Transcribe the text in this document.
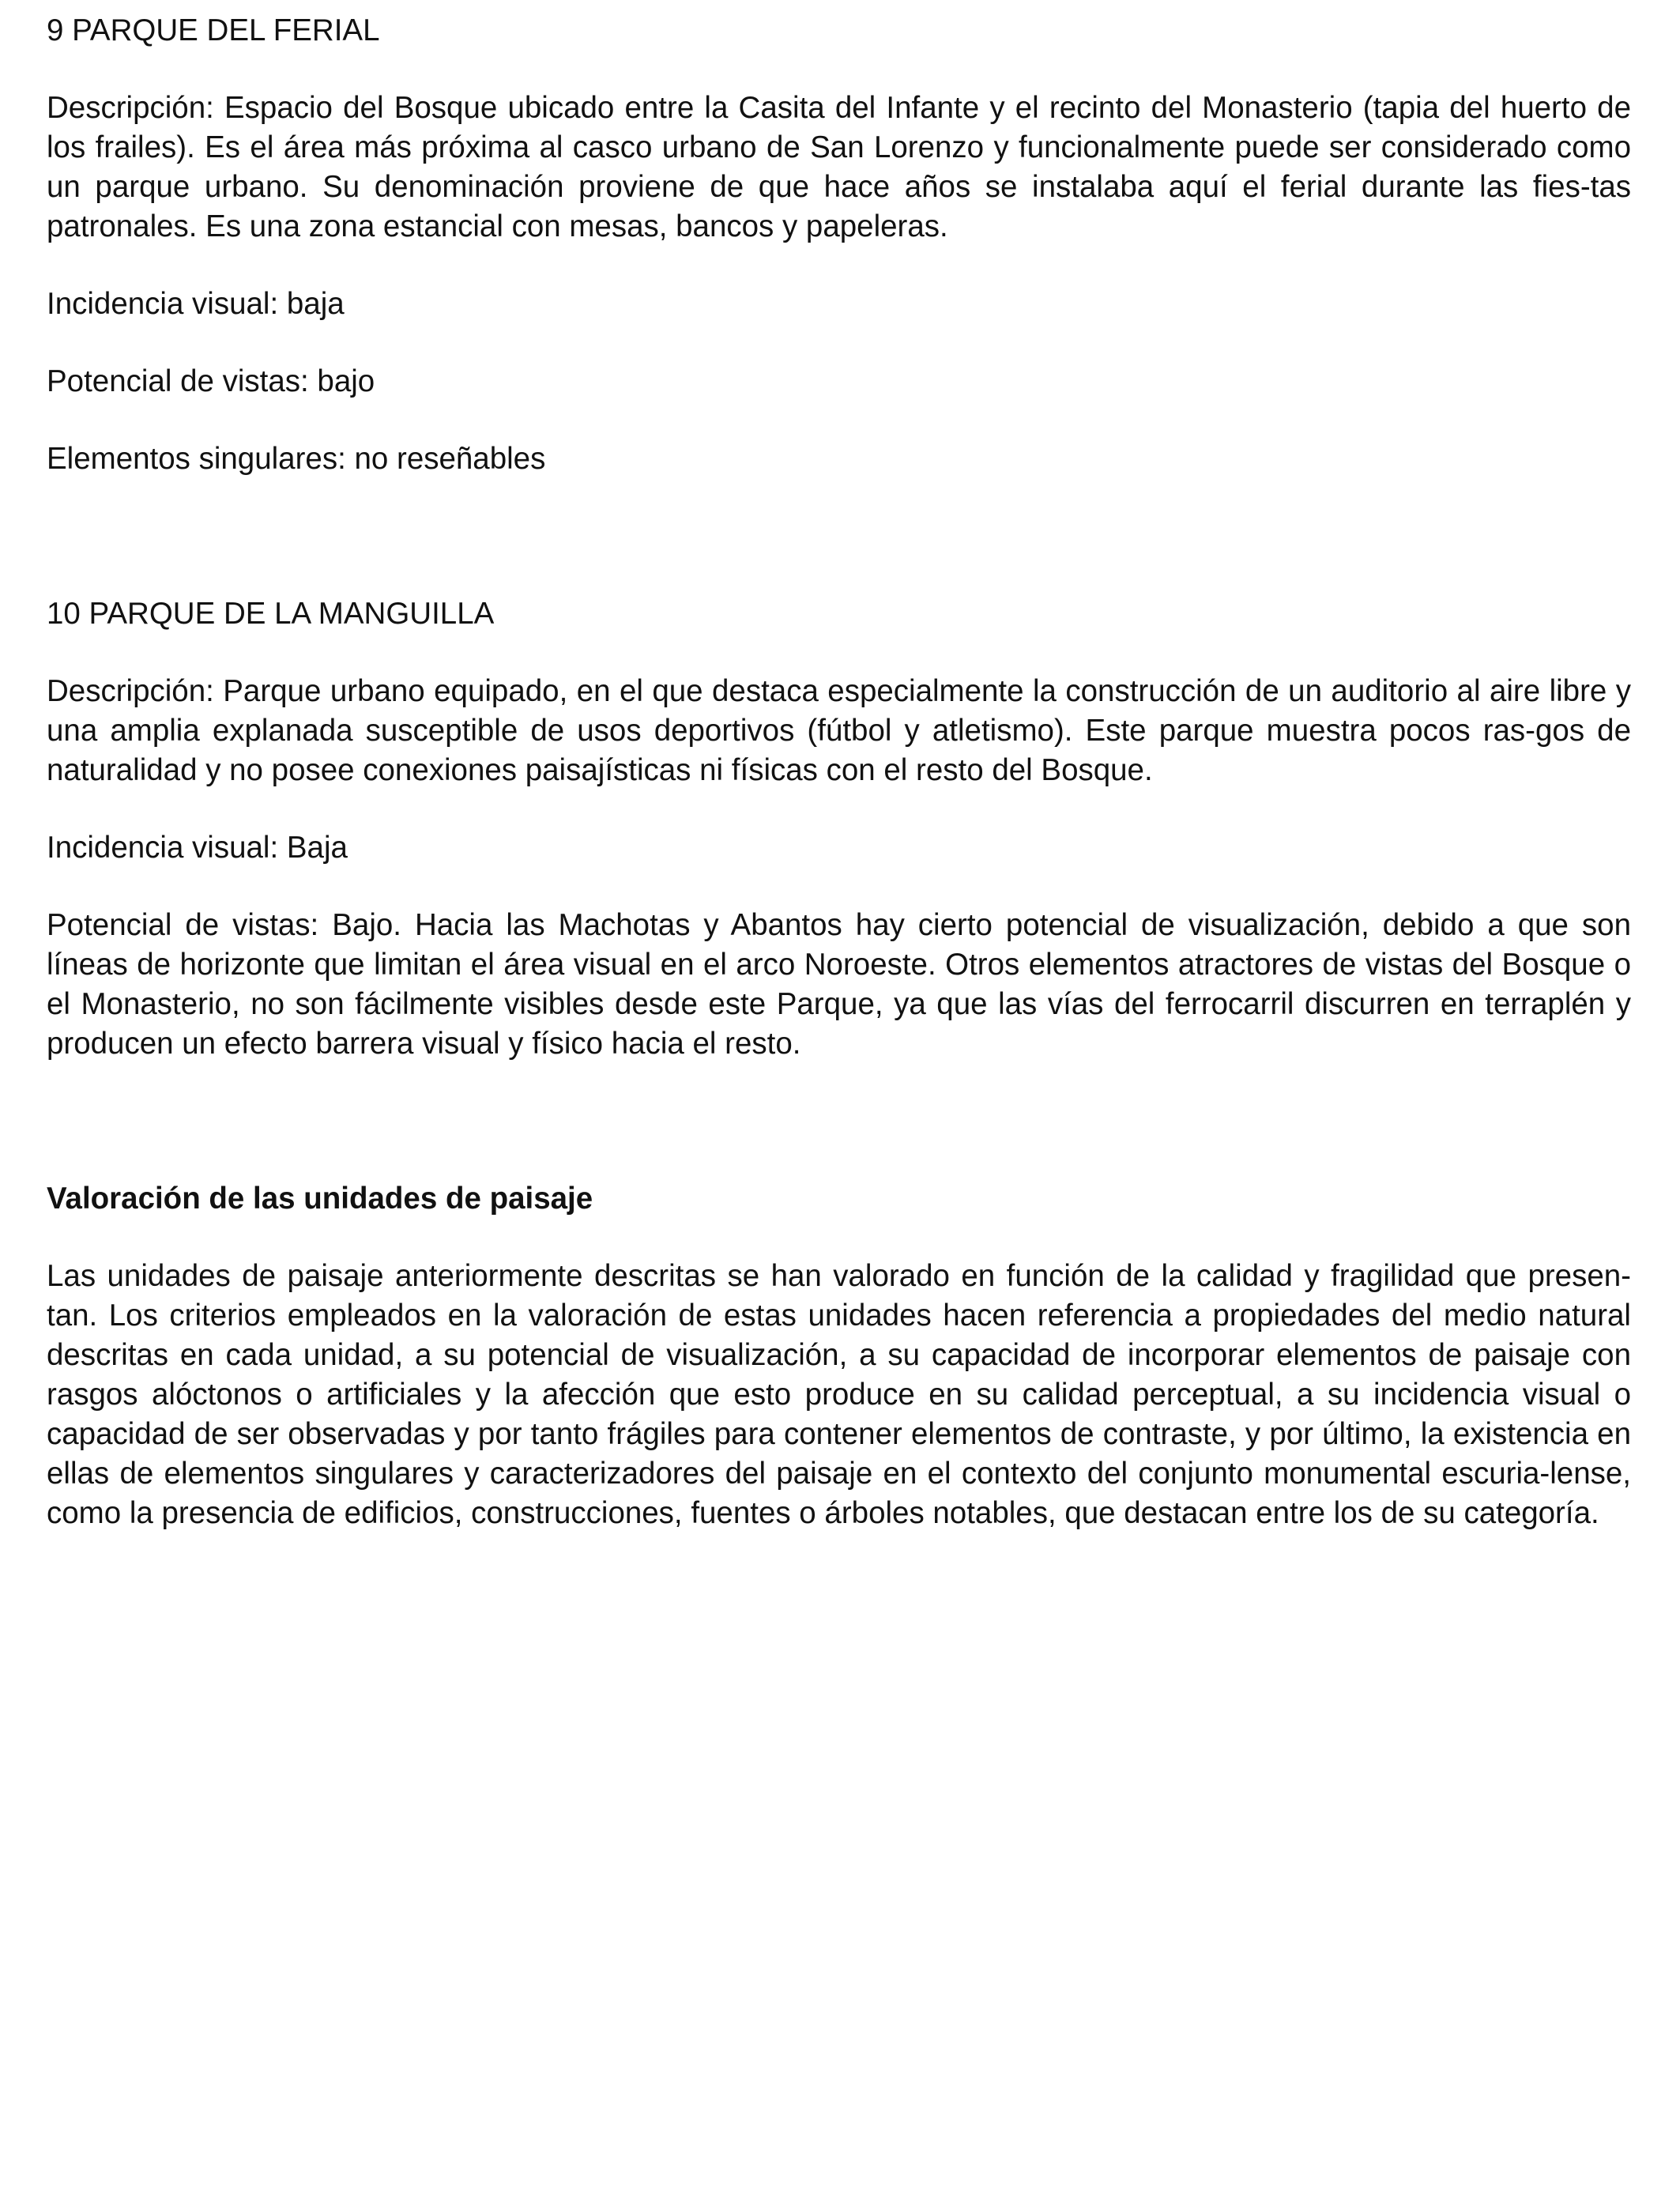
9 PARQUE DEL FERIAL

Descripción: Espacio del Bosque ubicado entre la Casita del Infante y el recinto del Monasterio (tapia del huerto de los frailes). Es el área más próxima al casco urbano de San Lorenzo y funcionalmente puede ser considerado como un parque urbano. Su denominación proviene de que hace años se instalaba aquí el ferial durante las fies-tas patronales. Es una zona estancial con mesas, bancos y papeleras.

Incidencia visual: baja

Potencial de vistas: bajo

Elementos singulares: no reseñables

10 PARQUE DE LA MANGUILLA

Descripción: Parque urbano equipado, en el que destaca especialmente la construcción de un auditorio al aire libre y una amplia explanada susceptible de usos deportivos (fútbol y atletismo). Este parque muestra pocos ras-gos de naturalidad y no posee conexiones paisajísticas ni físicas con el resto del Bosque.

Incidencia visual: Baja

Potencial de vistas: Bajo. Hacia las Machotas y Abantos hay cierto potencial de visualización, debido a que son líneas de horizonte que limitan el área visual en el arco Noroeste. Otros elementos atractores de vistas del Bosque o el Monasterio, no son fácilmente visibles desde este Parque, ya que las vías del ferrocarril discurren en terraplén y producen un efecto barrera visual y físico hacia el resto.

Valoración de las unidades de paisaje

Las unidades de paisaje anteriormente descritas se han valorado en función de la calidad y fragilidad que presen-tan. Los criterios empleados en la valoración de estas unidades hacen referencia a propiedades del medio natural descritas en cada unidad, a su potencial de visualización, a su capacidad de incorporar elementos de paisaje con rasgos alóctonos o artificiales y la afección que esto produce en su calidad perceptual, a su incidencia visual o capacidad de ser observadas y por tanto frágiles para contener elementos de contraste, y por último, la existencia en ellas de elementos singulares y caracterizadores del paisaje en el contexto del conjunto monumental escuria-lense, como la presencia de edificios, construcciones, fuentes o árboles notables, que destacan entre los de su categoría.
